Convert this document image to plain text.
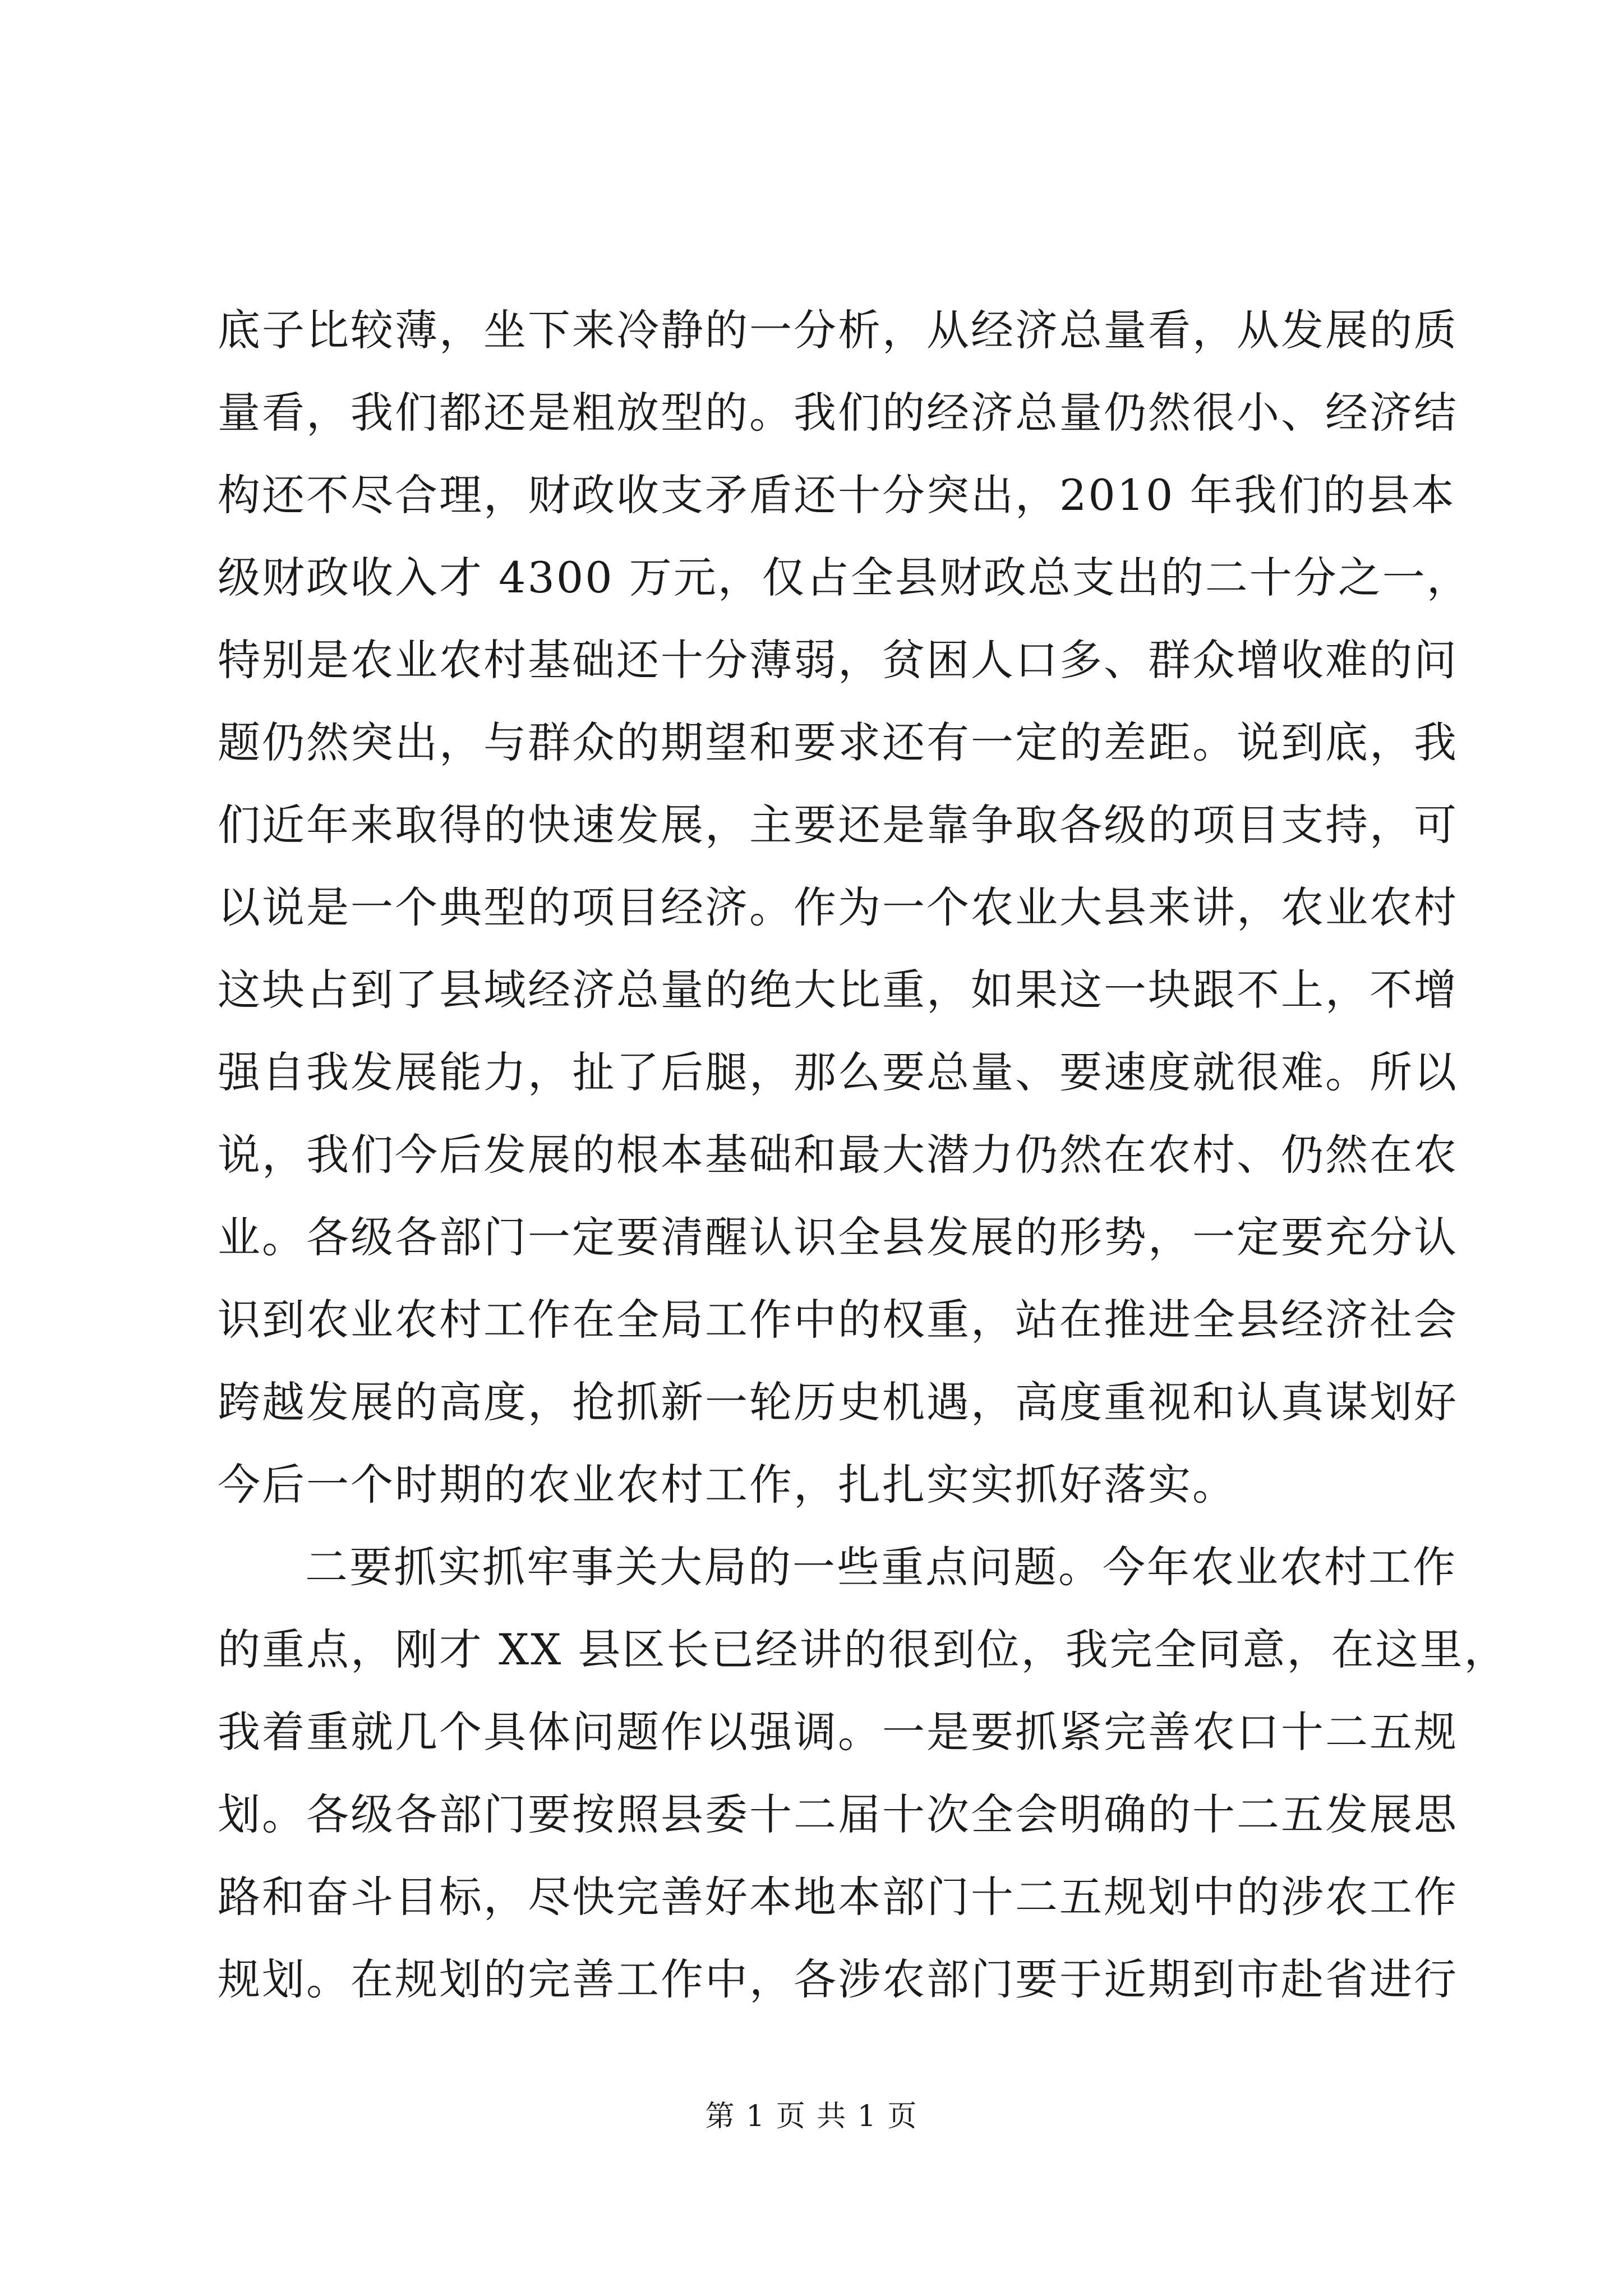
底子比较薄，坐下来冷静的一分析，从经济总量看，从发展的质
量看，我们都还是粗放型的。我们的经济总量仍然很小、经济结
构还不尽合理，财政收支矛盾还十分突出，2010 年我们的县本
级财政收入才 4300 万元，仅占全县财政总支出的二十分之一，
特别是农业农村基础还十分薄弱，贫困人口多、群众增收难的问
题仍然突出，与群众的期望和要求还有一定的差距。说到底，我
们近年来取得的快速发展，主要还是靠争取各级的项目支持，可
以说是一个典型的项目经济。作为一个农业大县来讲，农业农村
这块占到了县域经济总量的绝大比重，如果这一块跟不上，不增
强自我发展能力，扯了后腿，那么要总量、要速度就很难。所以
说，我们今后发展的根本基础和最大潜力仍然在农村、仍然在农
业。各级各部门一定要清醒认识全县发展的形势，一定要充分认
识到农业农村工作在全局工作中的权重，站在推进全县经济社会
跨越发展的高度，抢抓新一轮历史机遇，高度重视和认真谋划好
今后一个时期的农业农村工作，扎扎实实抓好落实。
二要抓实抓牢事关大局的一些重点问题。今年农业农村工作
的重点，刚才 XX 县区长已经讲的很到位，我完全同意，在这里，
我着重就几个具体问题作以强调。一是要抓紧完善农口十二五规
划。各级各部门要按照县委十二届十次全会明确的十二五发展思
路和奋斗目标，尽快完善好本地本部门十二五规划中的涉农工作
规划。在规划的完善工作中，各涉农部门要于近期到市赴省进行
第 1 页 共 1 页
